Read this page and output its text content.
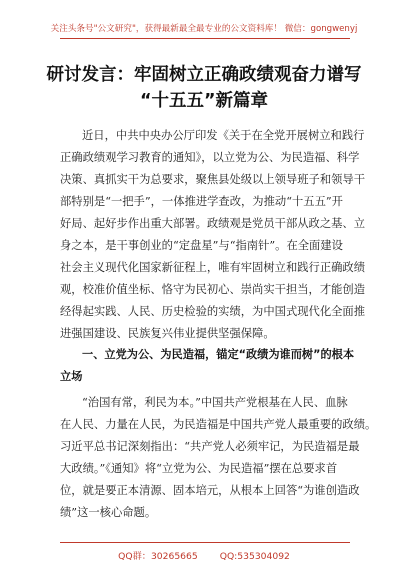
关注头条号"公文研究"，获得最新最全最专业的公文资料库！ 微信：gongwenyj
研讨发言：牢固树立正确政绩观奋力谱写
“十五五”新篇章
近日，中共中央办公厅印发《关于在全党开展树立和践行
正确政绩观学习教育的通知》，以立党为公、为民造福、科学
决策、真抓实干为总要求，聚焦县处级以上领导班子和领导干
部特别是“一把手”，一体推进学查改，为推动“十五五”开
好局、起好步作出重大部署。政绩观是党员干部从政之基、立
身之本，是干事创业的“定盘星”与“指南针”。在全面建设
社会主义现代化国家新征程上，唯有牢固树立和践行正确政绩
观，校准价值坐标、恪守为民初心、崇尚实干担当，才能创造
经得起实践、人民、历史检验的实绩，为中国式现代化全面推
进强国建设、民族复兴伟业提供坚强保障。
一、立党为公、为民造福，锚定“政绩为谁而树”的根本
立场
“治国有常，利民为本。”中国共产党根基在人民、血脉
在人民、力量在人民，为民造福是中国共产党人最重要的政绩。
习近平总书记深刻指出：“共产党人必须牢记，为民造福是最
大政绩。”《通知》将“立党为公、为民造福”摆在总要求首
位，就是要正本清源、固本培元，从根本上回答“为谁创造政
绩”这一核心命题。
QQ群：30265665 QQ:535304092
